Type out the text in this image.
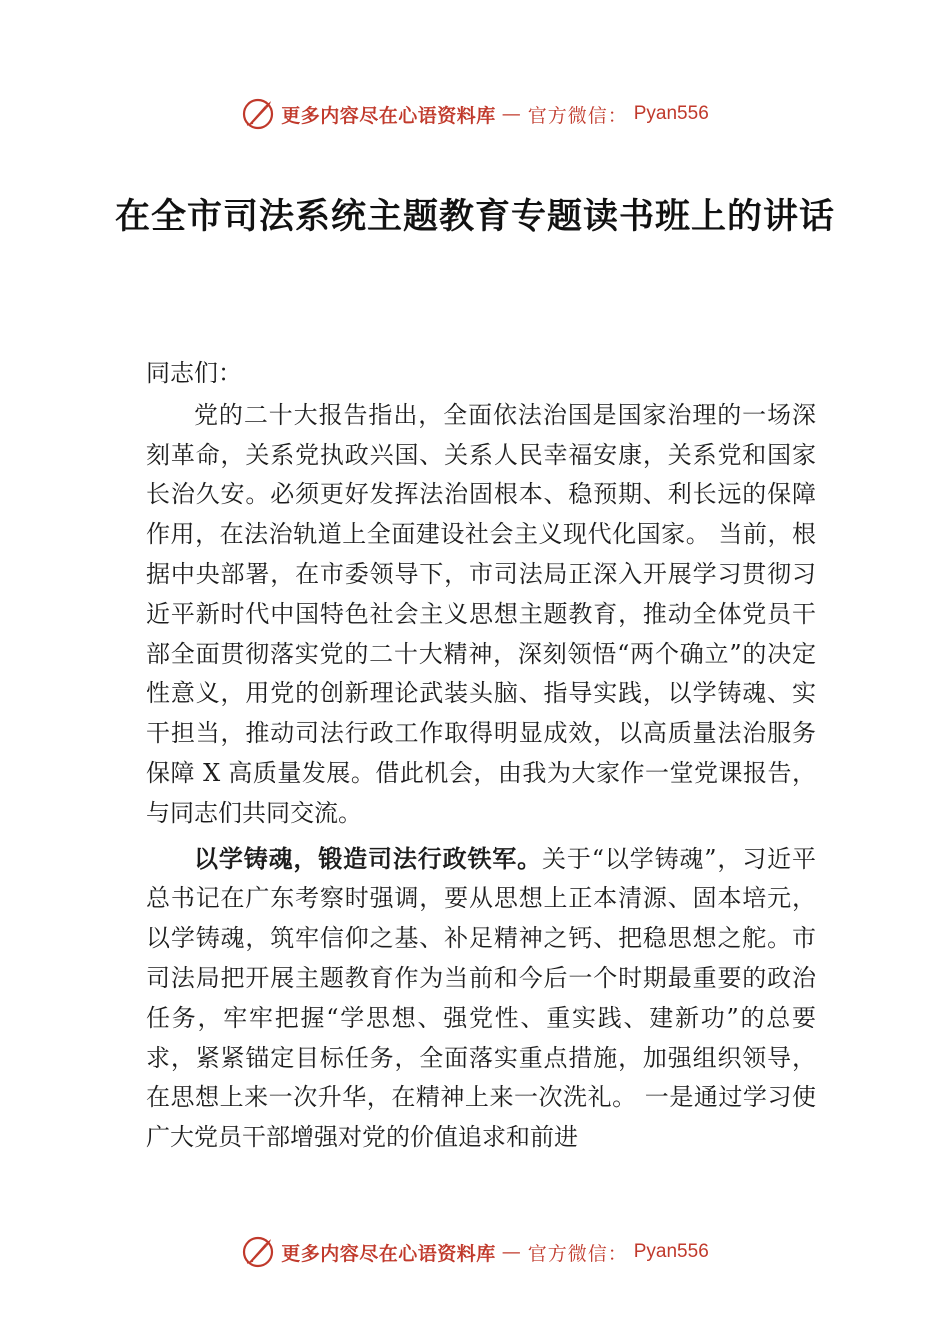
更多内容尽在心语资料库 — 官方微信： Pyan556
在全市司法系统主题教育专题读书班上的讲话

同志们：

党的二十大报告指出，全面依法治国是国家治理的一场深刻革命，关系党执政兴国、关系人民幸福安康，关系党和国家长治久安。必须更好发挥法治固根本、稳预期、利长远的保障作用，在法治轨道上全面建设社会主义现代化国家。 当前，根据中央部署，在市委领导下，市司法局正深入开展学习贯彻习近平新时代中国特色社会主义思想主题教育，推动全体党员干部全面贯彻落实党的二十大精神，深刻领悟“两个确立”的决定性意义，用党的创新理论武装头脑、指导实践，以学铸魂、实干担当，推动司法行政工作取得明显成效，以高质量法治服务保障 X 高质量发展。借此机会，由我为大家作一堂党课报告，与同志们共同交流。

以学铸魂，锻造司法行政铁军。关于“以学铸魂”，习近平总书记在广东考察时强调，要从思想上正本清源、固本培元，以学铸魂，筑牢信仰之基、补足精神之钙、把稳思想之舵。市司法局把开展主题教育作为当前和今后一个时期最重要的政治任务，牢牢把握“学思想、强党性、重实践、建新功”的总要求，紧紧锚定目标任务，全面落实重点措施，加强组织领导，在思想上来一次升华，在精神上来一次洗礼。 一是通过学习使广大党员干部增强对党的价值追求和前进

更多内容尽在心语资料库 — 官方微信： Pyan556
